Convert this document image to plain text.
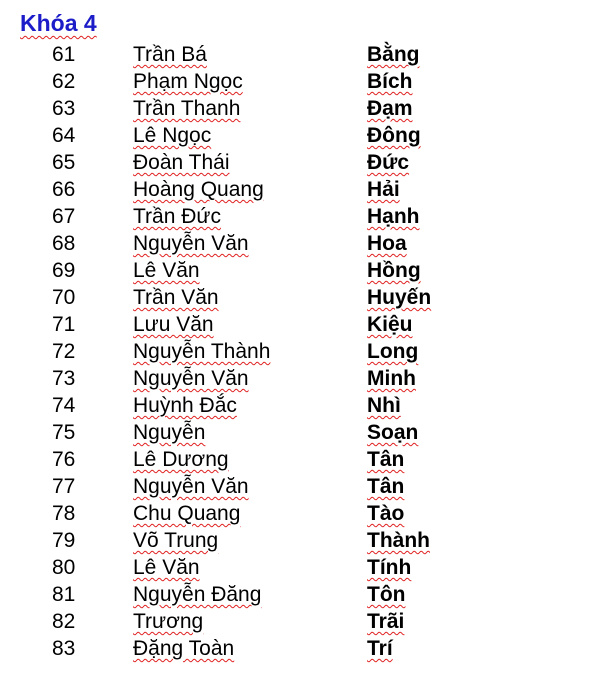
Khóa 4
61	Trần Bá	Bằng
62	Phạm Ngọc	Bích
63	Trần Thanh	Đạm
64	Lê Ngọc	Đông
65	Đoàn Thái	Đức
66	Hoàng Quang	Hải
67	Trần Đức	Hạnh
68	Nguyễn Văn	Hoa
69	Lê Văn	Hồng
70	Trần Văn	Huyến
71	Lưu Văn	Kiệu
72	Nguyễn Thành	Long
73	Nguyễn Văn	Minh
74	Huỳnh Đắc	Nhì
75	Nguyễn	Soạn
76	Lê Dương	Tân
77	Nguyễn Văn	Tân
78	Chu Quang	Tào
79	Võ Trung	Thành
80	Lê Văn	Tính
81	Nguyễn Đăng	Tôn
82	Trương	Trãi
83	Đặng Toàn	Trí
